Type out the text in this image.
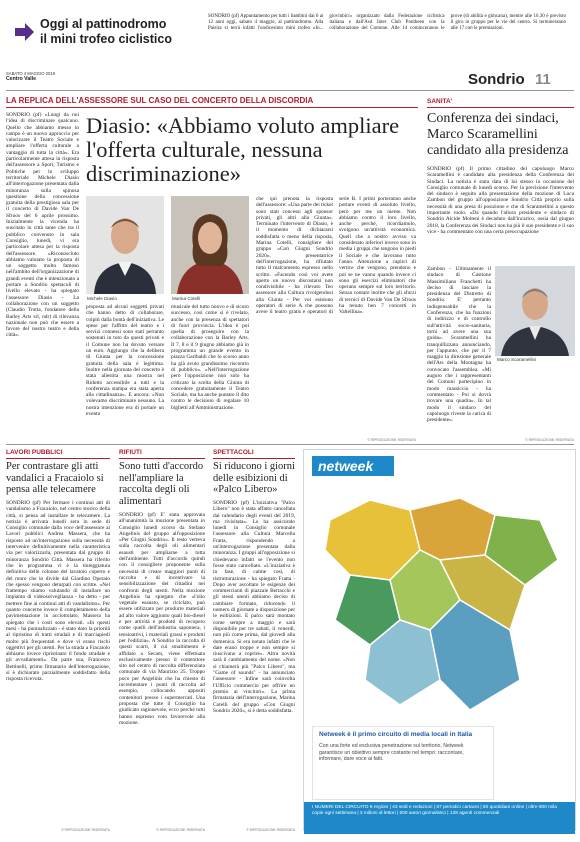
Oggi al pattinodromo
il mini trofeo ciclistico
SONDRIO (pf) Appuntamento per tutti i bambini dai 6 ai 12 anni oggi, sabato 4 maggio, al pattinodromo. Alla Paisira si terrà infatti l'undicesimo mini trofeo «In... giovinbici» organizzato dalla Federazione ciclistica italiana e dall'Asd Inter Club Pontheen con la collaborazione del Comune. Alle 14 cominceranno le prove (di abilità e gimcana), mentre alle 16.30 è previsto il giro in gruppo per le vie del centro. Si termineranno alle 17 con le premiazioni.
SABATO 4 MAGGIO 2019
Centro Valle	Sondrio 11
LA REPLICA DELL'ASSESSORE SUL CASO DEL CONCERTO DELLA DISCORDIA	SANITA'
SONDRIO (pf) «Lungi da noi l'idea di discriminare qualcuno. Quello che abbiamo messo in campo è un nuovo approccio per valorizzare il Teatro Sociale e ampliare l'offerta culturale a vantaggio di tutta la città». Era particolarmente attesa la risposta dell'assessore a Sport, Turismo e Politiche per lo sviluppo territoriale Michele Diasio all'interrogazione presentata dalla minoranza sulla spinosa questione della concessione gratuita della prestigiosa sala per il concerto di Davide Van De Sfroos del 6 aprile prossimo. Inizialmente la vicenda ha suscitato in città tante che tra il pubblico convenuto in sala Consiglio, lunedì, vi era particolare attesa per la risposta dell'assessore. «Riconosciuto abbiamo valutato la proposta di un soggetto molto famoso nell'ambito dell'organizzazione di grandi eventi che è intenzionato a portare a Sondrio spettacoli di livello elevato - ha spiegato l'assessore Diasio - La collaborazione con un soggetto (Claudio Trotta, fondatore della Barley Arts srl, ndr) di rilevanza nazionale non può che essere a favore del nostro teatro e della città».
Diasio: «Abbiamo voluto ampliare l'offerta culturale, nessuna discriminazione»
Michele Diasio	Marina Cotelli
proposta ad alcuni soggetti privati che hanno detto di collaborare, colpiti dalla bontà dell'iniziativa. Le spese per l'affitto del teatro e i servizi connessi sono stati pertanto sostenuti in toto da questi privati e il Comune non ha dovuto versare un euro. Aggiungo che la delibera di Giunta per la concessione gratuita della sala è legittima. Inoltre nella giornata del concerto è stata allestita una mostra nel Ridotto accessibile a tutti e la conferenza stampa era stata aperta alla cittadinanza». E ancora: «Non volevamo discriminare nessuno. La nostra intenzione era di portare un evento
musicale del tutto nuovo e di sicuro successo, così come si è rivelato, anche con la presenza di spettatori di fuori provincia. L'idea è poi quella di proseguire con la collaborazione con la Barley Arts. Il 7, 8 e il 9 giugno abbiamo già in programma un grande evento in piazza Garibaldi che lo scorso anno ha già avuto grandissimo riscontro di pubblico». «Nell'interrogazione però l'opposizione non solo ha criticato la scelta della Giunta di concedere gratuitamente il Teatro Sociale, ma ha anche puntato il dito contro le decisioni di regalare 10 biglietti all'Amministrazione.
che qui prenota la risposta dell'assessore: «Una parte dei ticket sono stati concessi agli sponsor privati, gli altri alla Giunta». Terminato l'intervento di Diasio, è il momento di dichiararsi soddisfatta o meno della risposta, Marina Cotelli, consigliere del gruppo «Con Giugni Sondrio 2020», presentatrice dell'interrogazione, ha rifiutato tutto il malcontento espresso nello scritto. «Facendo così voi avete aperto un nuovo discostarsi non condivisibile - ha rilevato Teo assessore alla Cultura rivolgendosi alla Giunta - Per voi esistono operatori di serie A che possono avere il teatro gratis e operatori di serie B. I primi porteranno anche portare eventi di assoluto livello, però per me un niente. Non abbiamo contro il loro livello, anche perché, ricordiamolo, svolgono un'attività economica. Quell che a nostro avviso va considerato inferiori invece sono in media i gruppi che tengono in piedi il Sociale e che lavorano tutto l'anno. Attenzione a capirci di vertice che vengono, prendono e poi se ne vanno quando invece ci sono gli esercizi eliminatori che operano sempre sul loro territorio. Senza contare inoltre che gli sforzi di tecnici di Davide Van De Sfroos ha tenuto ben 7 concerti in Valtellina».
© RIPRODUZIONE RISERVATA
Conferenza dei sindaci, Marco Scaramellini candidato alla presidenza
SONDRIO (pf) Il primo cittadino del capoluogo Marco Scaramellini è candidato alla presidenza della Conferenza dei Sindaci. La notizia è stata data di lui stesso in occasione del Consiglio comunale di lunedì scorso. Per la precisione l'intervento del sindaco è seguito alla presentazione della mozione di Luca Zambon del gruppo all'opposizione Sondrio Città proprio sulla necessità di una presa di posizione e che di Scaramellini a questo importante ruolo. «Da quando l'allora presidente e sindaco di Sondrio Alcide Molteni è decaduto dall'incarico, ossia dal giugno 2018, la Conferenza dei Sindaci non ha più il suo presidente e il suo vice - ha commentato con una certa preoccupazione
Marco Scaramellini
Zambon - Ultimamente il sindaco di Castione Massimiliano Franchetti ha deciso di lasciare la presidenza del Distretto di Sondrio. E' pertanto indispensabile che la Conferenza, che ha funzioni di indirizzo e di controllo sull'attività socio-sanitaria, torni ad avere una sua guida». Scaramellini ha tranquillizzato annunciando, per l'appunto, che per il 7 maggio la direzione generale dell'Ats della Montagna ha convocato l'assemblea. «Mi auguro che i rappresentanti dei Comuni partecipino in modo massiccio - ha commentato - Poi si dovrà trovare una quadra». In tal modo il sindaco del capoluogo riveste la carica di presidente».
© RIPRODUZIONE RISERVATA
LAVORI PUBBLICI
Per contrastare gli atti vandalici a Fracaiolo si pensa alle telecamere
SONDRIO (pf) Per fermare i continui atti di vandalismo a Fracaiolo, nel centro storico della città, si pensa ad installare le telecamere. La notizia è arrivata lunedì sera in sede di Consiglio comunale dalla voce dell'assessore ai Lavori pubblici Andrea Massera, che ha risposto ad un'interrogazione sulla necessità di intervenire definitivamente nella caratteristica via per valorizzarla, presentata dal gruppo di minoranza Sondrio Città. Massera ha riferito che in programma vi è la tinteggiatura definitiva delle colonne del lavatoio coperto e del muro che lo divide dal Giardino Operaio che spesso vengono deturpati con scritte. «Nel frattempo stiamo valutando di installare un impianto di videosorveglianza - ha detto - per mettere fine ai continui atti di vandalismo». Per quanto concerne invece il completamento della pavimentazione in acciottolato, Massera ha spiegato che i costi sono elevati. «In questi mesi - ha puntualizzato - è stato dato la priorità al ripristino di tratti stradali e di marciapiedi molto più frequentati e dove vi erano rischi oggettivi per gli utenti. Per la strada a Fracaiolo abbiamo invece ripristinato il fondo stradale e gli avvallamenti». Da parte sua, Francesco Bettinelli, primo firmatario dell'interrogazione, si è dichiarato parzialmente soddisfatto della risposta ricevuta.
© RIPRODUZIONE RISERVATA
RIFIUTI
Sono tutti d'accordo nell'ampliare la raccolta degli oli alimentari
SONDRIO (pf) E' stata approvata all'unanimità la mozione presentata in Consiglio lunedì scorso da Stefano Angelinis del gruppo all'opposizione «Per Giugni Sondrio». Il testo verteva sulla raccolta degli oli alimentari esausti per ampliarne a tutta dell'ambiente. Tutti d'accordo quindi con il consigliere proponente sulla necessità di creare maggiori punti di raccolta e di incentivare la sensibilizzazione dei cittadini nei confronti degli utenti. Nella mozione Angelinis ha spiegato che «l'olio vegetale esausto, se riciclato, può essere utilizzato per produrre materiali ad alto valore aggiunto quali bio-diesel e per attività e prodotti di recupero come quelli dell'industria saponiera, i tensioattivi, i materiali grassi e prodotti per l'edilizia». A Sondrio la raccolta di questi scarti, il cui smaltimento è affidato a Secam, viene effettuata esclusivamente presso il contenitore sito nel centro di raccolta differenziata comunale di via Maurizio 25. Troppo poco per Angelinis che ha chiesto di incrementare i punti di raccolta ad esempio, collocando appositi contenitori presso i supermercati. Una proposta che tutte il Consiglio ha giudicato ragionevole, ecco perché tutti hanno espresso voto favorevole alla mozione.
© RIPRODUZIONE RISERVATA
SPETTACOLI
Si riducono i giorni delle esibizioni di «Palco Libero»
SONDRIO (pf) L'iniziativa "Palco Libero" non è stata affatto cancellata dal calendario degli eventi del 2019, ma rivisitata». Lo ha assicurato lunedì in Consiglio comunale l'assessore alla Cultura Marcella Fratta, rispondendo a un'interrogazione presentata dalla minoranza. I gruppi all'opposizione si chiedevano infatti se l'evento non fosse stato cancellato. «L'iniziativa è in fase, di calme così, di ristrutturazione - ha spiegato Fratta - Dopo aver ascoltato le esigenze dei commercianti di piazzale Bertacchi e gli stessi utenti abbiamo deciso di cambiare formato, riducendo il numero di giornate a disposizione per le esibizioni. E palco sarà montato come sempre a maggio e sarà disponibile per tre sabati, il venerdì, non più come prima, dal giovedì alla domenica. Si era notato infatti che le date erano troppe e non sempre si riuscivano a coprire». Altra novità sarà il cambiamento del nome. «Non si chiamerà più "Palco Libero", ma "Game of sounds" - ha annunciato l'assessore - Infine sarà coinvolta l'Ufficio commercio per offrire un premio ai vincitori». La prima firmataria dell'interrogazione, Marina Cotelli del gruppo «Con Giugni Sondrio 2020», si è detta soddisfatta.
© RIPRODUZIONE RISERVATA
netweek
Netweek è il primo circuito di media locali in Italia
Con una forte ed esclusiva penetrazione sul territorio, Netweek garantisce un obiettivo sempre costante nel tempo: raccontare, informare, dare voce ai fatti.
I NUMERI DEL CIRCUITO 6 regioni | 43 sedi e redazioni | 67 periodici cartacei | 50 quotidiani online | oltre 600 mila copie ogni settimana | 3 milioni di lettori | 600 autori giornalistici | 138 agenti commerciali
